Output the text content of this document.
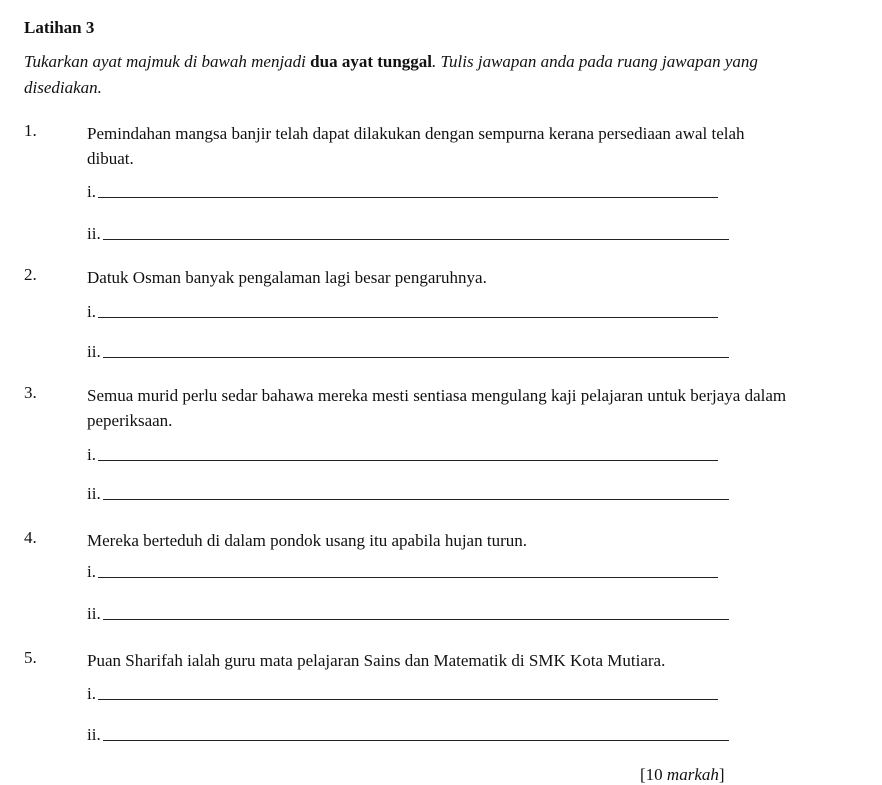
Latihan 3
Tukarkan ayat majmuk di bawah menjadi dua ayat tunggal. Tulis jawapan anda pada ruang jawapan yang disediakan.
1.	Pemindahan mangsa banjir telah dapat dilakukan dengan sempurna kerana persediaan awal telah dibuat.
i.
ii.
2.	Datuk Osman banyak pengalaman lagi besar pengaruhnya.
i.
ii.
3.	Semua murid perlu sedar bahawa mereka mesti sentiasa mengulang kaji pelajaran untuk berjaya dalam peperiksaan.
i.
ii.
4.	Mereka berteduh di dalam pondok usang itu apabila hujan turun.
i.
ii.
5.	Puan Sharifah ialah guru mata pelajaran Sains dan Matematik di SMK Kota Mutiara.
i.
ii.
[10 markah]
